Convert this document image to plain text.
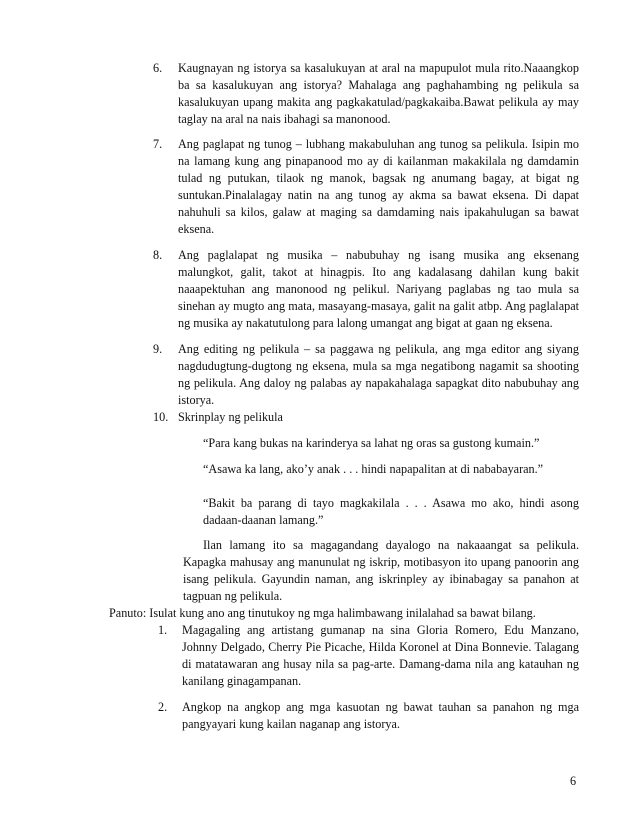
6. Kaugnayan ng istorya sa kasalukuyan at aral na mapupulot mula rito.Naaangkop ba sa kasalukuyan ang istorya? Mahalaga ang paghahambing ng pelikula sa kasalukuyan upang makita ang pagkakatulad/pagkakaiba.Bawat pelikula ay may taglay na aral na nais ibahagi sa manonood.
7. Ang paglapat ng tunog – lubhang makabuluhan ang tunog sa pelikula. Isipin mo na lamang kung ang pinapanood mo ay di kailanman makakilala ng damdamin tulad ng putukan, tilaok ng manok, bagsak ng anumang bagay, at bigat ng suntukan.Pinalalagay natin na ang tunog ay akma sa bawat eksena. Di dapat nahuhuli sa kilos, galaw at maging sa damdaming nais ipakahulugan sa bawat eksena.
8. Ang paglalapat ng musika – nabubuhay ng isang musika ang eksenang malungkot, galit, takot at hinagpis. Ito ang kadalasang dahilan kung bakit naaapektuhan ang manonood ng pelikul. Nariyang paglabas ng tao mula sa sinehan ay mugto ang mata, masayang-masaya, galit na galit atbp. Ang paglalapat ng musika ay nakatutulong para lalong umangat ang bigat at gaan ng eksena.
9. Ang editing ng pelikula – sa paggawa ng pelikula, ang mga editor ang siyang nagdudugtung-dugtong ng eksena, mula sa mga negatibong nagamit sa shooting ng pelikula. Ang daloy ng palabas ay napakahalaga sapagkat dito nabubuhay ang istorya.
10. Skrinplay ng pelikula
“Para kang bukas na karinderya sa lahat ng oras sa gustong kumain.”
“Asawa ka lang, ako’y anak . . . hindi napapalitan at di nababayaran.”
“Bakit ba parang di tayo magkakilala . . . Asawa mo ako, hindi asong dadaan-daanan lamang.”
Ilan lamang ito sa magagandang dayalogo na nakaaangat sa pelikula. Kapagka mahusay ang manunulat ng iskrip, motibasyon ito upang panoorin ang isang pelikula. Gayundin naman, ang iskrinpley ay ibinabagay sa panahon at tagpuan ng pelikula.
Panuto: Isulat kung ano ang tinutukoy ng mga halimbawang inilalahad sa bawat bilang.
1. Magagaling ang artistang gumanap na sina Gloria Romero, Edu Manzano, Johnny Delgado, Cherry Pie Picache, Hilda Koronel at Dina Bonnevie. Talagang di matatawaran ang husay nila sa pag-arte. Damang-dama nila ang katauhan ng kanilang ginagampanan.
2. Angkop na angkop ang mga kasuotan ng bawat tauhan sa panahon ng mga pangyayari kung kailan naganap ang istorya.
6
